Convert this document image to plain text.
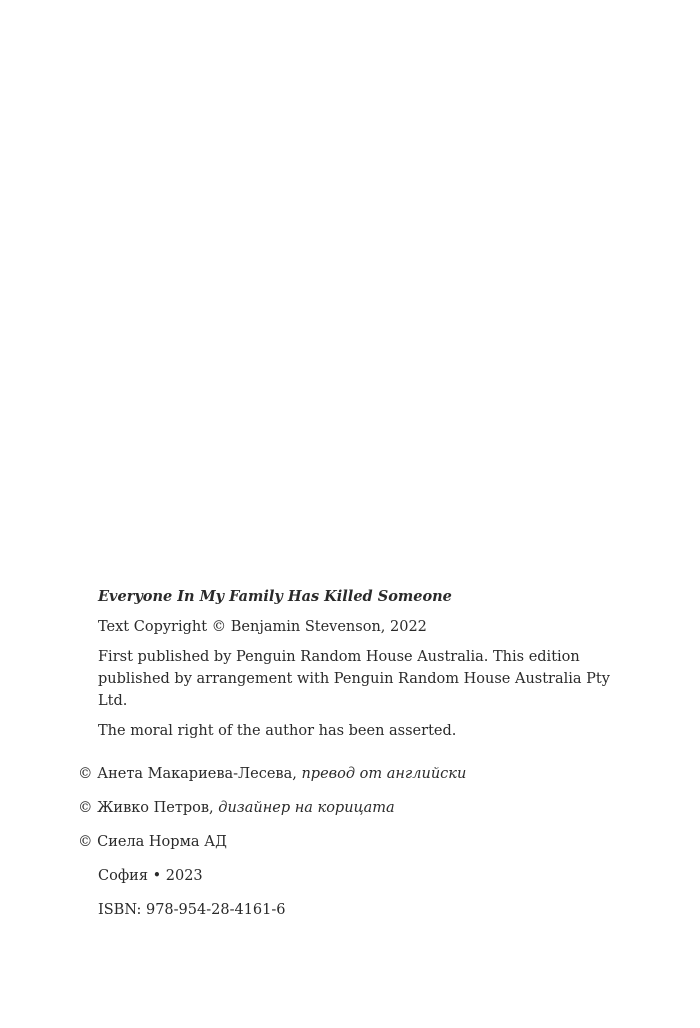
Everyone In My Family Has Killed Someone

Text Copyright © Benjamin Stevenson, 2022

First published by Penguin Random House Australia. This edition published by arrangement with Penguin Random House Australia Pty Ltd.

The moral right of the author has been asserted.

© Анета Макариева-Лесева, превод от английски
© Живко Петров, дизайнер на корицата
© Сиела Норма АД
София • 2023
ISBN: 978-954-28-4161-6
